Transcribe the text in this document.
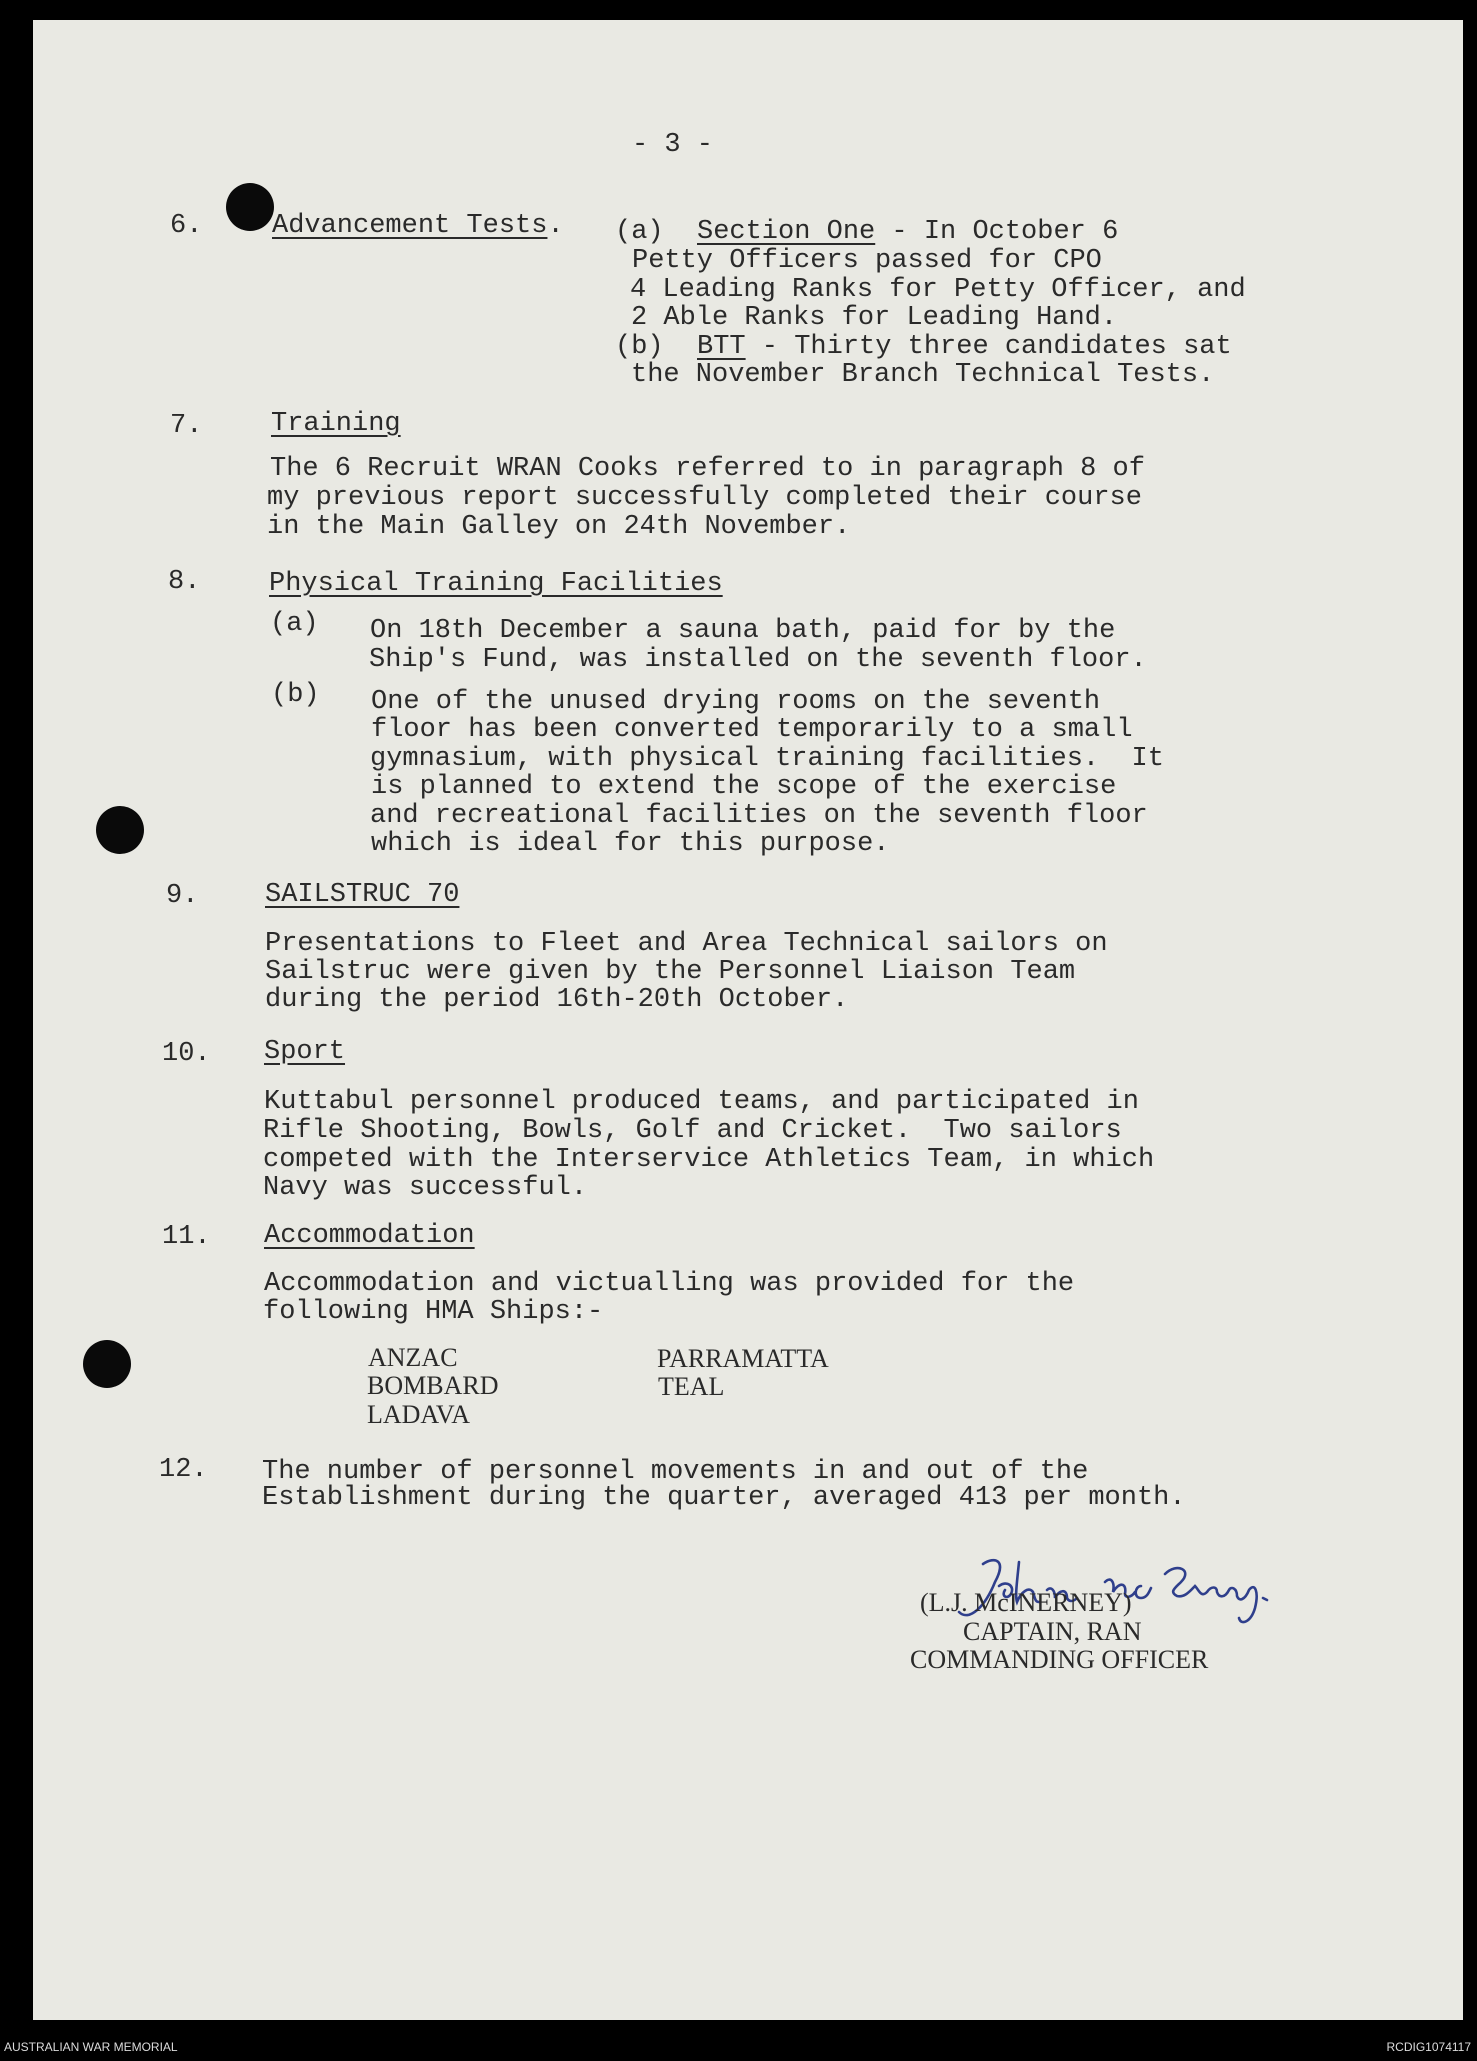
- 3 -
6.	Advancement Tests. (a) Section One - In October 6
Petty Officers passed for CPO
4 Leading Ranks for Petty Officer, and
2 Able Ranks for Leading Hand.
(b) BTT - Thirty three candidates sat
the November Branch Technical Tests.
7.	Training
The 6 Recruit WRAN Cooks referred to in paragraph 8 of
my previous report successfully completed their course
in the Main Galley on 24th November.
8.	Physical Training Facilities
(a) On 18th December a sauna bath, paid for by the
Ship's Fund, was installed on the seventh floor.
(b) One of the unused drying rooms on the seventh
floor has been converted temporarily to a small
gymnasium, with physical training facilities.  It
is planned to extend the scope of the exercise
and recreational facilities on the seventh floor
which is ideal for this purpose.
9. SAILSTRUC 70
Presentations to Fleet and Area Technical sailors on
Sailstruc were given by the Personnel Liaison Team
during the period 16th-20th October.
10. Sport
Kuttabul personnel produced teams, and participated in
Rifle Shooting, Bowls, Golf and Cricket.  Two sailors
competed with the Interservice Athletics Team, in which
Navy was successful.
11. Accommodation
Accommodation and victualling was provided for the
following HMA Ships:-
ANZAC
BOMBARD
LADAVA
PARRAMATTA
TEAL
12. The number of personnel movements in and out of the
Establishment during the quarter, averaged 413 per month.
(L.J. McINERNEY)
CAPTAIN, RAN
COMMANDING OFFICER
AUSTRALIAN WAR MEMORIAL	RCDIG1074117
